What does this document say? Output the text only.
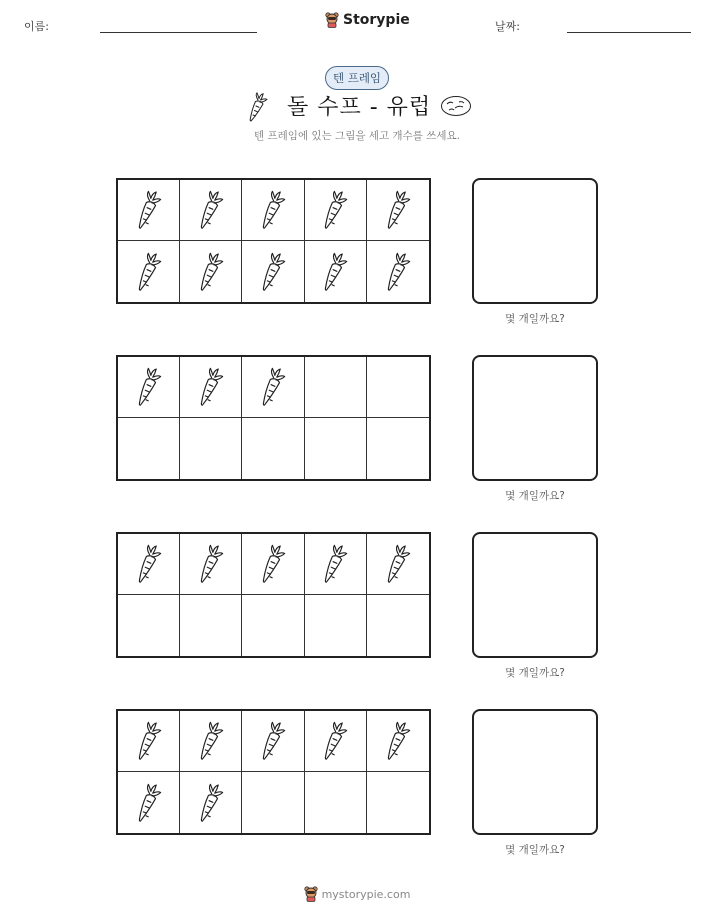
이름:	Storypie	날짜:
텐 프레임
돌 수프 - 유럽
텐 프레임에 있는 그림을 세고 개수를 쓰세요.
몇 개일까요?
몇 개일까요?
몇 개일까요?
몇 개일까요?
mystorypie.com
